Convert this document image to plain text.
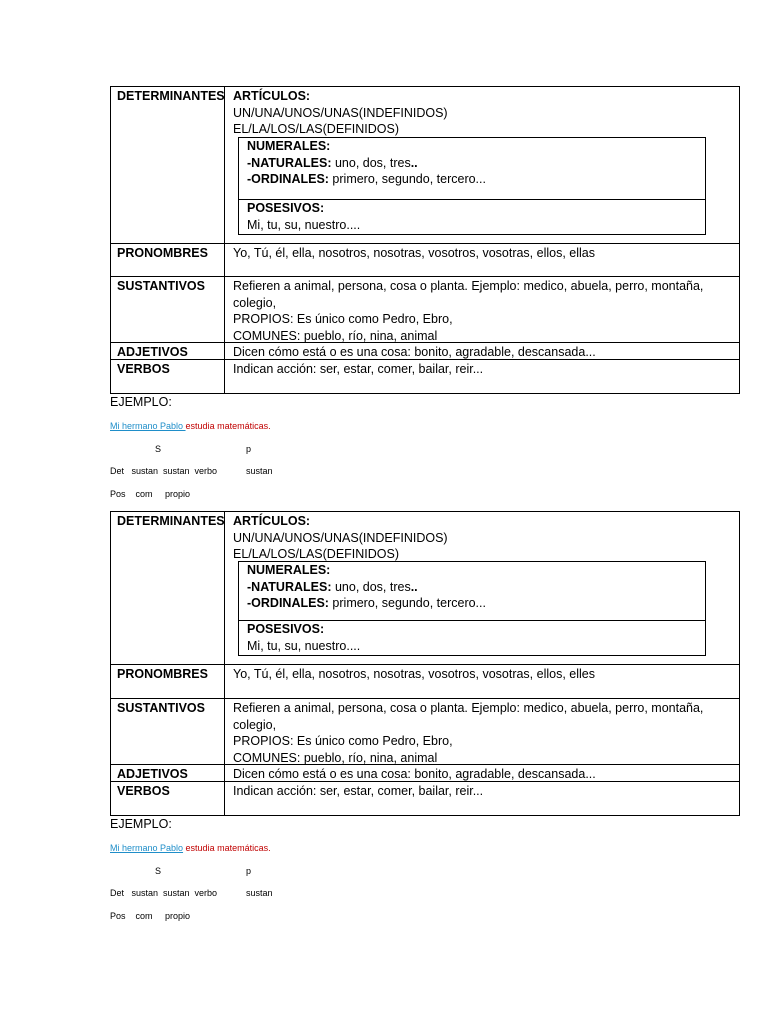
DETERMINANTES ARTÍCULOS:
UN/UNA/UNOS/UNAS(INDEFINIDOS)
EL/LA/LOS/LAS(DEFINIDOS)
NUMERALES:
-NATURALES: uno, dos, tres..
-ORDINALES: primero, segundo, tercero...
POSESIVOS:
Mi, tu, su, nuestro....
PRONOMBRES	Yo, Tú, él, ella, nosotros, nosotras, vosotros, vosotras, ellos, ellas
SUSTANTIVOS	Refieren a animal, persona, cosa o planta. Ejemplo: medico, abuela, perro, montaña,
colegio,
PROPIOS: Es único como Pedro, Ebro,
COMUNES: pueblo, río, nina, animal
ADJETIVOS	Dicen cómo está o es una cosa: bonito, agradable, descansada...
VERBOS	Indican acción: ser, estar, comer, bailar, reir...
EJEMPLO:
Mi hermano Pablo estudia matemáticas.
S	p
Det   sustan  sustan  verbo	sustan
Pos    com     propio
DETERMINANTES ARTÍCULOS:
UN/UNA/UNOS/UNAS(INDEFINIDOS)
EL/LA/LOS/LAS(DEFINIDOS)
NUMERALES:
-NATURALES: uno, dos, tres..
-ORDINALES: primero, segundo, tercero...
POSESIVOS:
Mi, tu, su, nuestro....
PRONOMBRES	Yo, Tú, él, ella, nosotros, nosotras, vosotros, vosotras, ellos, elles
SUSTANTIVOS	Refieren a animal, persona, cosa o planta. Ejemplo: medico, abuela, perro, montaña,
colegio,
PROPIOS: Es único como Pedro, Ebro,
COMUNES: pueblo, río, nina, animal
ADJETIVOS	Dicen cómo está o es una cosa: bonito, agradable, descansada...
VERBOS	Indican acción: ser, estar, comer, bailar, reir...
EJEMPLO:
Mi hermano Pablo estudia matemáticas.
S	p
Det   sustan  sustan  verbo	sustan
Pos    com     propio
